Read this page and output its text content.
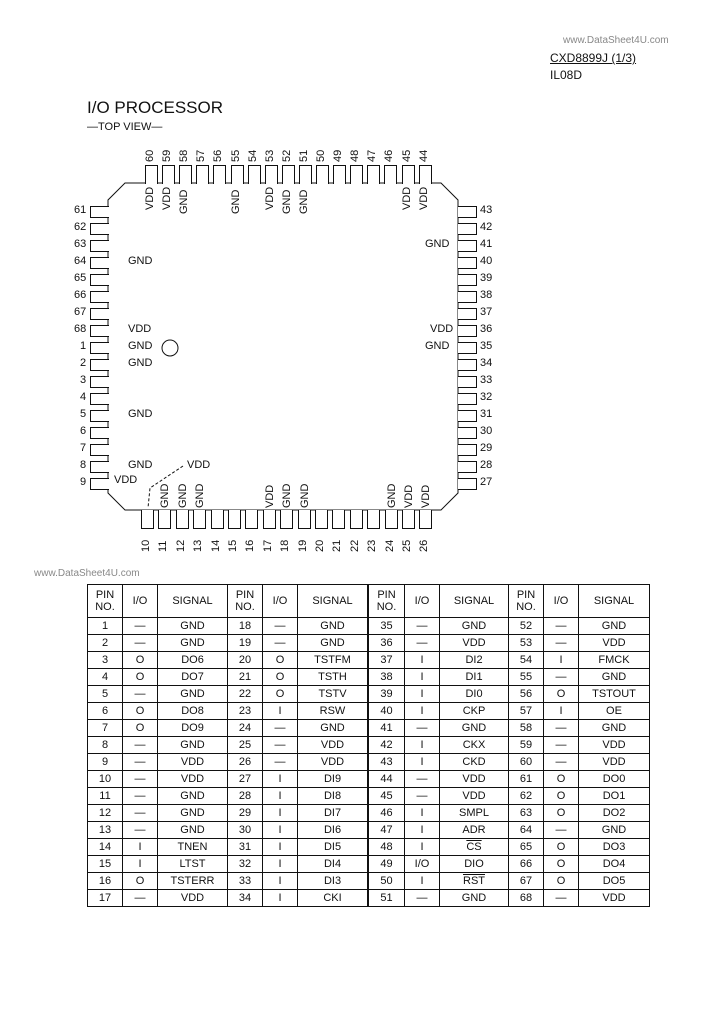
www.DataSheet4U.com
CXD8899J (1/3)
IL08D
I/O PROCESSOR
—TOP VIEW—
www.DataSheet4U.com
VDD
60
VDD
59
VDD
58
GND
57 56 55
GND
54 53
VDD
52
GND
51
GND
50 49 48 47 46 45
VDD
44
VDD
10 11
GND
12
GND
13
GND
14 15 16 17
VDD
18
GND
19
GND
20 21 22 23 24
GND
25
VDD
26
VDD
61
62
63
64	GND
65
66
67
68	VDD
1	GND
2	GND
3
4
5	GND
6
7
8	GND
9	VDD
43
42
41
GND
40
39
38
37
36
VDD
35
GND
34
33
32
31
30
29
28
27
PIN NO.	I/O	SIGNAL	PIN NO.	I/O	SIGNAL	PIN NO.	I/O	SIGNAL	PIN NO.	I/O	SIGNAL
1	—	GND	18	—	GND	35	—	GND	52	—	GND
2	—	GND	19	—	GND	36	—	VDD	53	—	VDD
3	O	DO6	20	O	TSTFM	37	I	DI2	54	I	FMCK
4	O	DO7	21	O	TSTH	38	I	DI1	55	—	GND
5	—	GND	22	O	TSTV	39	I	DI0	56	O	TSTOUT
6	O	DO8	23	I	RSW	40	I	CKP	57	I	OE
7	O	DO9	24	—	GND	41	—	GND	58	—	GND
8	—	GND	25	—	VDD	42	I	CKX	59	—	VDD
9	—	VDD	26	—	VDD	43	I	CKD	60	—	VDD
10	—	VDD	27	I	DI9	44	—	VDD	61	O	DO0
11	—	GND	28	I	DI8	45	—	VDD	62	O	DO1
12	—	GND	29	I	DI7	46	I	SMPL	63	O	DO2
13	—	GND	30	I	DI6	47	I	ADR	64	—	GND
14	I	TNEN	31	I	DI5	48	I	$\overline{CS}$	65	O	DO3
15	I	LTST	32	I	DI4	49	I/O	DIO	66	O	DO4
16	O	TSTERR	33	I	DI3	50	I	$\overline{RST}$	67	O	DO5
17	—	VDD	34	I	CKI	51	—	GND	68	—	VDD
